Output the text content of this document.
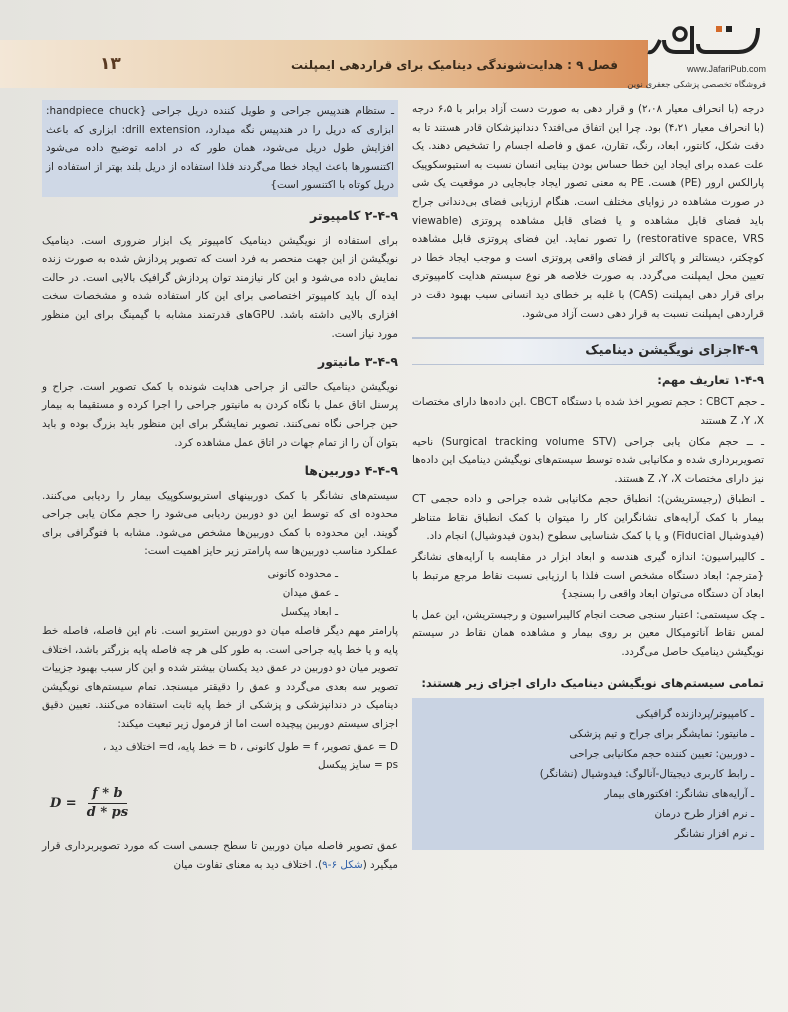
۱۳	فصل ۹ : هدایت‌شوندگی دینامیک برای قراردهی ایمپلنت	www.JafariPub.com
فروشگاه تخصصی پزشکی جعفری نوین

درجه (با انحراف معیار ۲،۰۸) و قرار دهی به صورت دست آزاد برابر با ۶،۵ درجه (با انحراف معیار ۴،۲۱) بود. چرا این اتفاق می‌افتد؟ دندانپزشکان قادر هستند تا به دقت شکل، کانتور، ابعاد، رنگ، تقارن، عمق و فاصله اجسام را تشخیص دهند. یک علت عمده برای ایجاد این خطا حساس بودن بینایی انسان نسبت به استیوسکوپیک پارالکس ارور (PE) هست. PE به معنی تصور ایجاد جابجایی در موقعیت یک شی در صورت مشاهده در زوایای مختلف است. هنگام ارزیابی فضای بی‌دندانی جراح باید فضای قابل مشاهده و یا فضای قابل مشاهده پروتزی (viewable restorative space, VRS) را تصور نماید. این فضای پروتزی قابل مشاهده کوچکتر، دیستالتر و پاکالتر از فضای واقعی پروتزی است و موجب ایجاد خطا در تعیین محل ایمپلنت می‌گردد. به صورت خلاصه هر نوع سیستم هدایت کامپیوتری برای قرار دهی ایمپلنت (CAS) با غلبه بر خطای دید انسانی سبب بهبود دقت در قراردهی ایمپلنت نسبت به قرار دهی دست آزاد می‌شود.

۴-۹اجزای نویگیشن دینامیک
۱-۴-۹ تعاریف مهم:

ـ حجم CBCT : حجم تصویر اخذ شده با دستگاه CBCT .این داده‌ها دارای مختصات Z ،Y ،X هستند

ـ ــ حجم مکان یابی جراحی (Surgical tracking volume STV) ناحیه تصویربرداری شده و مکانیابی شده توسط سیستم‌های نویگیشن دینامیک این داده‌ها نیز دارای مختصات Z ،Y ،X هستند.

ـ انطباق (رجیستریشن): انطباق حجم مکانیابی شده جراحی و داده حجمی CT بیمار با کمک آرایه‌های نشانگراین کار را میتوان با کمک انطباق نقاط متناظر (فیدوشیال Fiducial) و یا با کمک شناسایی سطوح (بدون فیدوشیال) انجام داد.

ـ کالیبراسیون: اندازه گیری هندسه و ابعاد ابزار در مقایسه با آرایه‌های نشانگر {مترجم: ابعاد دستگاه مشخص است فلذا با ارزیابی نسبت نقاط مرجع مرتبط با ابعاد آن دستگاه می‌توان ابعاد واقعی را بسنجد}

ـ چک سیستمی: اعتبار سنجی صحت انجام کالیبراسیون و رجیستریشن، این عمل با لمس نقاط آناتومیکال معین بر روی بیمار و مشاهده همان نقاط در سیستم نویگیشن دینامیک حاصل می‌گردد.

تمامی سیستم‌های نویگیشن دینامیک دارای اجزای زیر هستند:
ـ کامپیوتر/پردازنده گرافیکی
ـ مانیتور: نمایشگر برای جراح و تیم پزشکی
ـ دوربین: تعیین کننده حجم مکانیابی جراحی
ـ رابط کاربری دیجیتال-آنالوگ: فیدوشیال (نشانگر)
ـ آرایه‌های نشانگر: افکتورهای بیمار
ـ نرم افزار طرح درمان
ـ نرم افزار نشانگر

ـ ستظام هندپیس جراحی و طویل کننده دریل جراحی {handpiece chuck: ابزاری که دریل را در هندپیس نگه میدارد، drill extension: ابزاری که باعث افزایش طول دریل می‌شود، همان طور که در ادامه توضیح داده می‌شود اکتنسورها باعث ایجاد خطا می‌گردند فلذا استفاده از دریل بلند بهتر از استفاده از دریل کوتاه با اکتنسور است}

۲-۴-۹ کامپیوتر

برای استفاده از نویگیشن دینامیک کامپیوتر یک ابزار ضروری است. دینامیک نویگیشن از این جهت منحصر به فرد است که تصویر پردازش شده به صورت زنده نمایش داده می‌شود و این کار نیازمند توان پردازش گرافیک بالایی است. در حالت ایده آل باید کامپیوتر اختصاصی برای این کار استفاده شده و مشخصات سخت افزاری بالایی داشته باشد. GPUهای قدرتمند مشابه با گیمینگ برای این منظور مورد نیاز است.

۳-۴-۹ مانیتور

نویگیشن دینامیک حالتی از جراحی هدایت شونده با کمک تصویر است. جراح و پرسنل اتاق عمل با نگاه کردن به مانیتور جراحی را اجرا کرده و مستقیما به بیمار حین جراحی نگاه نمی‌کنند. تصویر نمایشگر برای این منظور باید بزرگ بوده و باید بتوان آن را از تمام جهات در اتاق عمل مشاهده کرد.

۴-۴-۹ دوربین‌ها

سیستم‌های نشانگر با کمک دوربینهای استریوسکوپیک بیمار را ردیابی می‌کنند. محدوده ای که توسط این دو دوربین ردیابی می‌شود را حجم مکان یابی جراحی گویند. این محدوده با کمک دوربین‌ها مشخص می‌شود. مشابه با فتوگرافی برای عملکرد مناسب دوربین‌ها سه پارامتر زیر حایز اهمیت است:

ـ محدوده کانونی
ـ عمق میدان
ـ ابعاد پیکسل

پارامتر مهم دیگر فاصله میان دو دوربین استریو است. نام این فاصله، فاصله خط پایه و یا خط پایه جراحی است. به طور کلی هر چه فاصله پایه بزرگتر باشد، اختلاف تصویر میان دو دوربین در عمق دید یکسان بیشتر شده و این کار سبب بهبود جزییات تصویر سه بعدی می‌گردد و عمق را دقیقتر میسنجد. تمام سیستم‌های نویگیشن دینامیک در دندانپزشکی و پزشکی از خط پایه ثابت استفاده می‌کنند. تعیین دقیق اجزای سیستم دوربین پیچیده است اما از فرمول زیر تبعیت میکند:

D = عمق تصویر، f = طول کانونی ، b = خط پایه، d= اختلاف دید ،

ps = سایز پیکسل

$D = \frac{f * b}{d * ps}$

عمق تصویر فاصله میان دوربین تا سطح جسمی است که مورد تصویربرداری قرار میگیرد (شکل ۶-۹). اختلاف دید به معنای تفاوت میان
